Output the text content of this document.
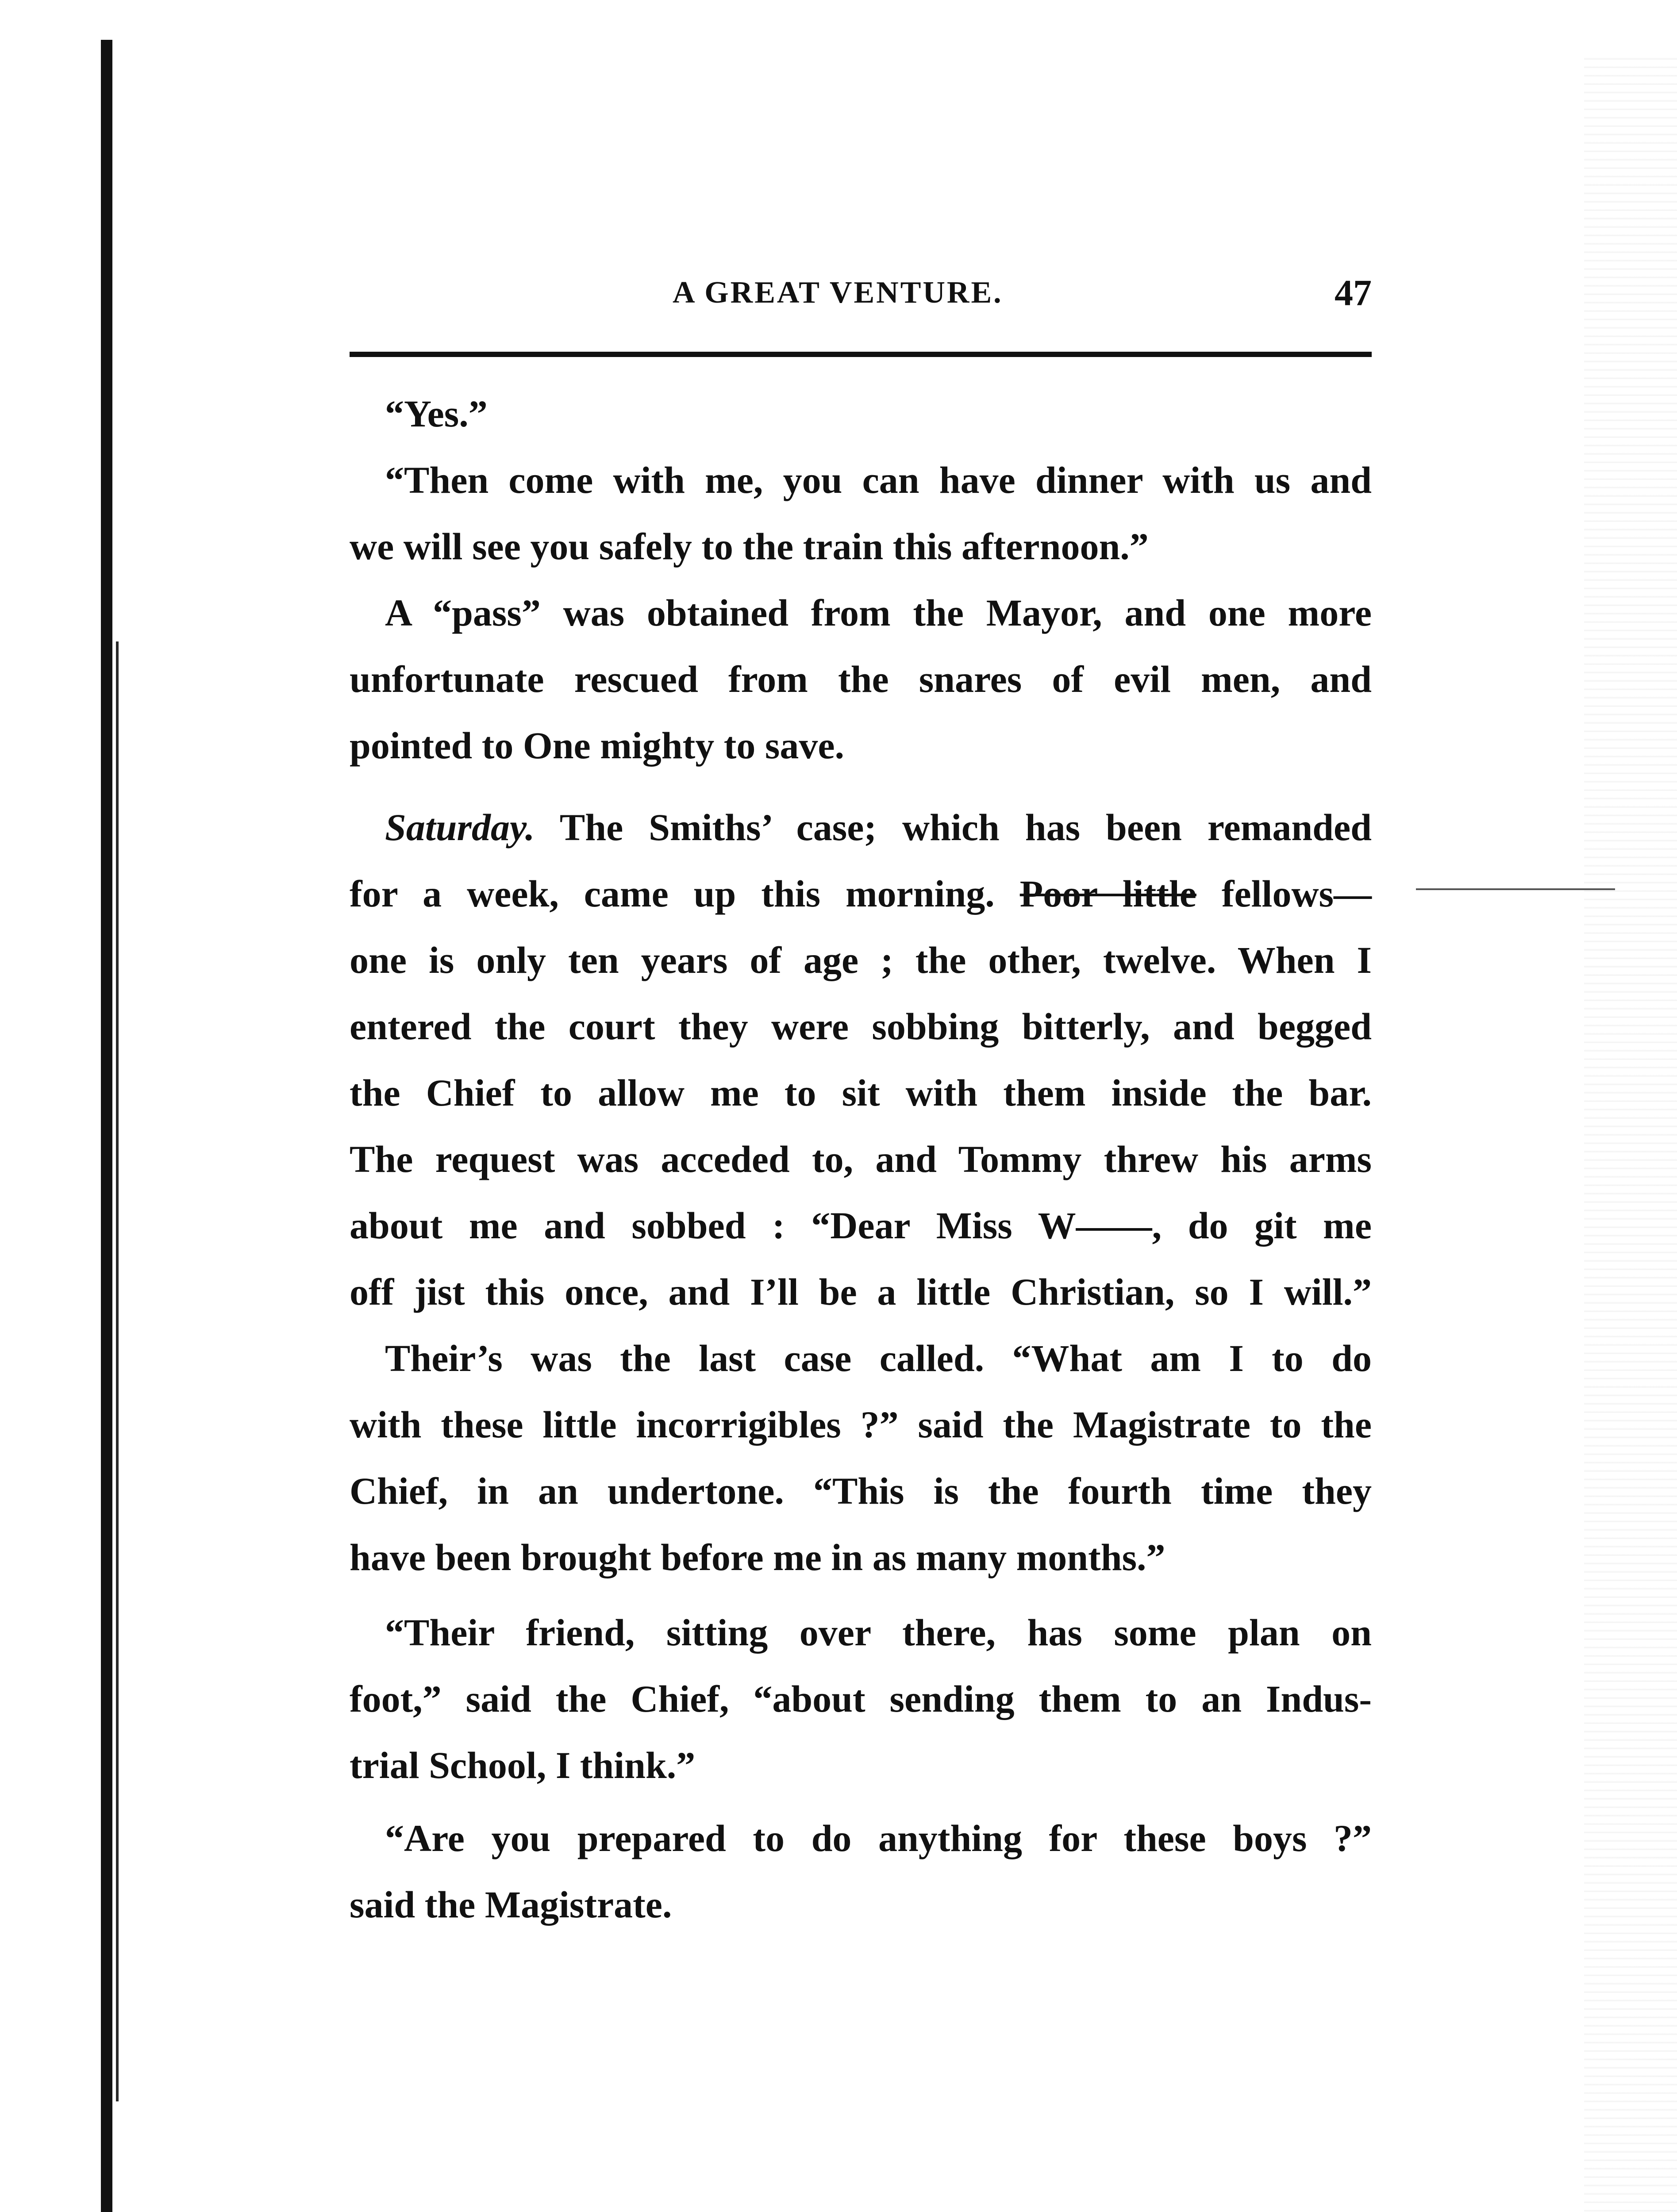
A GREAT VENTURE.	47
“Yes.”
“Then come with me, you can have dinner with us and
we will see you safely to the train this afternoon.”
A “pass” was obtained from the Mayor, and one more
unfortunate rescued from the snares of evil men, and
pointed to One mighty to save.
Saturday. The Smiths’ case; which has been remanded
for a week, came up this morning. Poor little fellows—
one is only ten years of age ; the other, twelve. When I
entered the court they were sobbing bitterly, and begged
the Chief to allow me to sit with them inside the bar.
The request was acceded to, and Tommy threw his arms
about me and sobbed : “Dear Miss W——, do git me
off jist this once, and I’ll be a little Christian, so I will.”
Their’s was the last case called. “What am I to do
with these little incorrigibles ?” said the Magistrate to the
Chief, in an undertone. “This is the fourth time they
have been brought before me in as many months.”
“Their friend, sitting over there, has some plan on
foot,” said the Chief, “about sending them to an Indus-
trial School, I think.”
“Are you prepared to do anything for these boys ?”
said the Magistrate.
